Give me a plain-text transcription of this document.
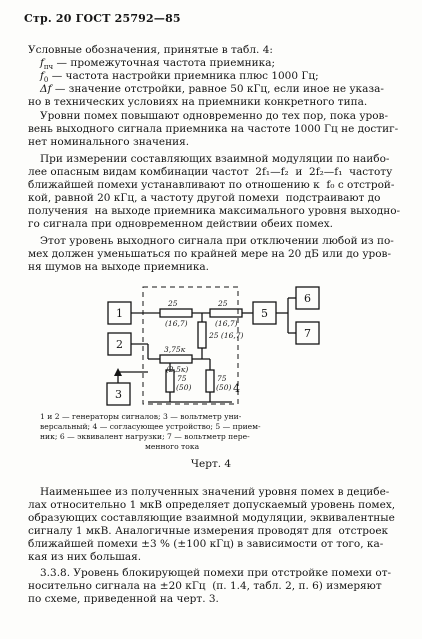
Стр. 20 ГОСТ 25792—85
Условные обозначения, принятые в табл. 4:
$f_{пч}$ — промежуточная частота приемника;
$f_0$ — частота настройки приемника плюс 1000 Гц;
Δf — значение отстройки, равное 50 кГц, если иное не указа-
но в технических условиях на приемники конкретного типа.
Уровни помех повышают одновременно до тех пор, пока уров-
вень выходного сигнала приемника на частоте 1000 Гц не достиг-
нет номинального значения.
При измерении составляющих взаимной модуляции по наибо-
лее опасным видам комбинации частот  2f₁—f₂  и  2f₂—f₁  частоту
ближайшей помехи устанавливают по отношению к  f₀ с отстрой-
кой, равной 20 кГц, а частоту другой помехи  подстраивают до
получения  на выходе приемника максимального уровня выходно-
го сигнала при одновременном действии обеих помех.
Этот уровень выходного сигнала при отключении любой из по-
мех должен уменьшаться по крайней мере на 20 дБ или до уров-
ня шумов на выходе приемника.
1
2
3	4
5
6
7
25
(16,7)
25
(16,7)
25 (16,7)
3,75к
(2,5к)
75
(50)
75
(50)
1 и 2 — генераторы сигналов; 3 — вольтметр уни-
версальный; 4 — согласующее устройство; 5 — прием-
ник; 6 — эквивалент нагрузки; 7 — вольтметр пере-
менного тока
Черт. 4
Наименьшее из полученных значений уровня помех в децибе-
лах относительно 1 мкВ определяет допускаемый уровень помех,
образующих составляющие взаимной модуляции, эквивалентные
сигналу 1 мкВ. Аналогичные измерения проводят для  отстроек
ближайшей помехи ±3 % (±100 кГц) в зависимости от того, ка-
кая из них большая.
3.3.8. Уровень блокирующей помехи при отстройке помехи от-
носительно сигнала на ±20 кГц  (п. 1.4, табл. 2, п. 6) измеряют
по схеме, приведенной на черт. 3.
